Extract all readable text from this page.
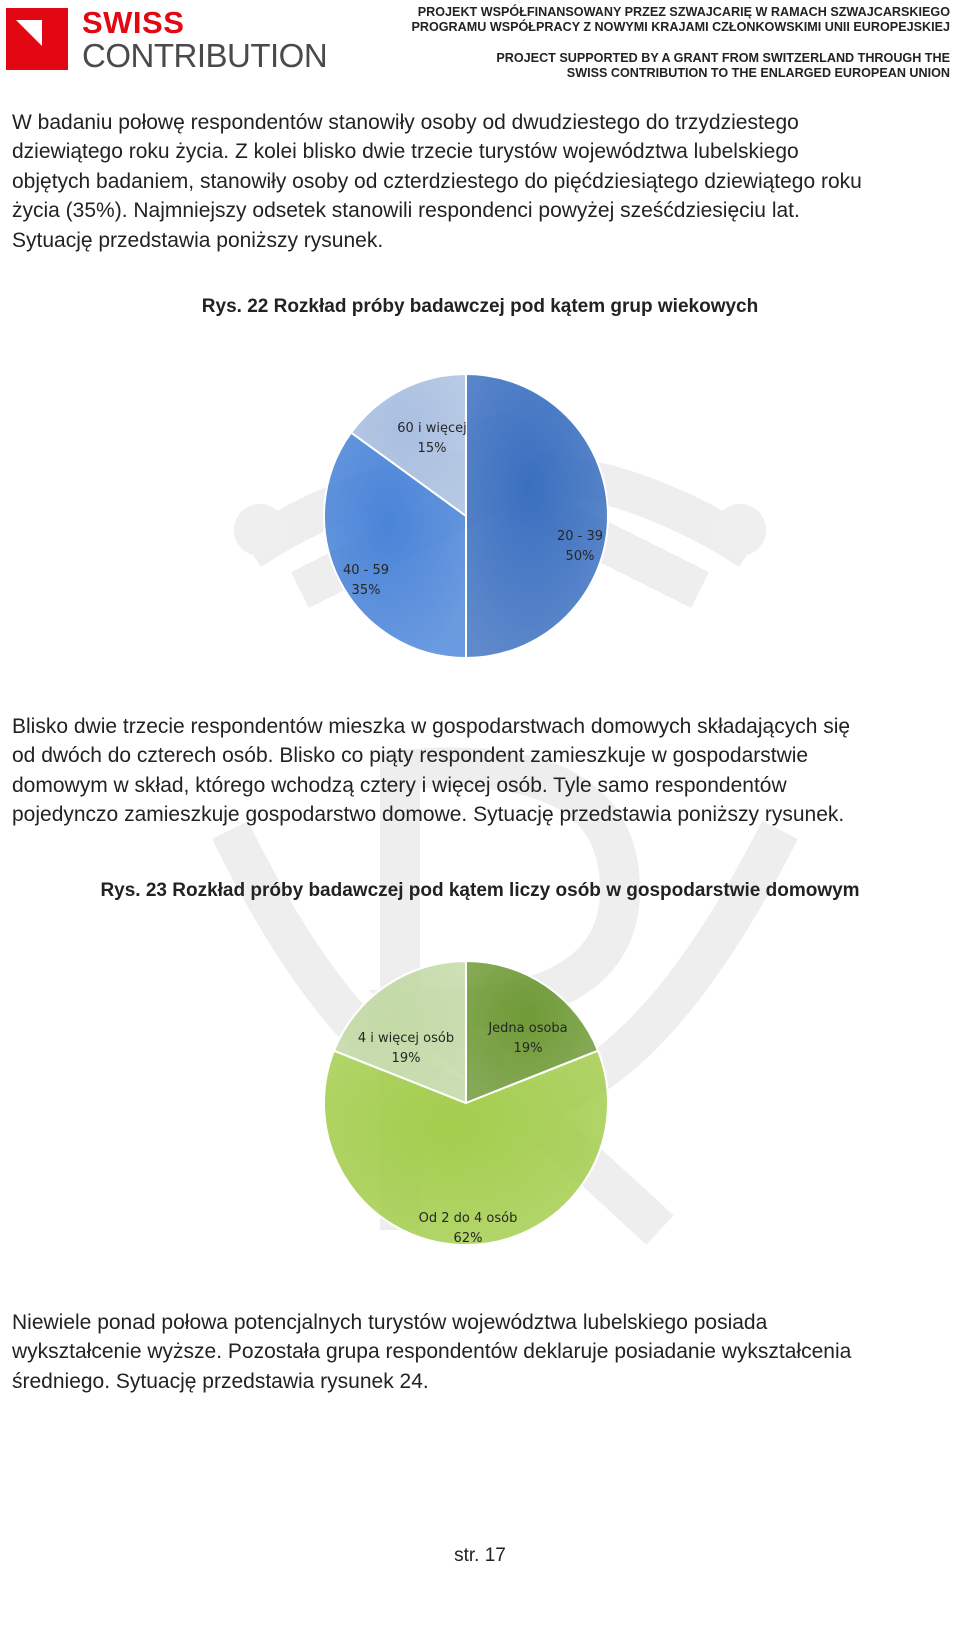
SWISS
CONTRIBUTION
PROJEKT WSPÓŁFINANSOWANY PRZEZ SZWAJCARIĘ W RAMACH SZWAJCARSKIEGO
PROGRAMU WSPÓŁPRACY Z NOWYMI KRAJAMI CZŁONKOWSKIMI UNII EUROPEJSKIEJ
PROJECT SUPPORTED BY A GRANT FROM SWITZERLAND THROUGH THE
SWISS CONTRIBUTION TO THE ENLARGED EUROPEAN UNION
W badaniu połowę respondentów stanowiły osoby od dwudziestego do trzydziestego
dziewiątego roku życia. Z kolei blisko dwie trzecie turystów województwa lubelskiego
objętych badaniem, stanowiły osoby od czterdziestego do pięćdziesiątego dziewiątego roku
życia (35%). Najmniejszy odsetek stanowili respondenci powyżej sześćdziesięciu lat.
Sytuację przedstawia poniższy rysunek.
Rys. 22 Rozkład próby badawczej pod kątem grup wiekowych
20 - 39
50%
40 - 59
35%
60 i więcej
15%
Blisko dwie trzecie respondentów mieszka w gospodarstwach domowych składających się
od dwóch do czterech osób. Blisko co piąty respondent zamieszkuje w gospodarstwie
domowym w skład, którego wchodzą cztery i więcej osób. Tyle samo respondentów
pojedynczo zamieszkuje gospodarstwo domowe. Sytuację przedstawia poniższy rysunek.
Rys. 23 Rozkład próby badawczej pod kątem liczy osób w gospodarstwie domowym
Jedna osoba
19%
Od 2 do 4 osób
62%
4 i więcej osób
19%
Niewiele ponad połowa potencjalnych turystów województwa lubelskiego posiada
wykształcenie wyższe. Pozostała grupa respondentów deklaruje posiadanie wykształcenia
średniego. Sytuację przedstawia rysunek 24.
str. 17
